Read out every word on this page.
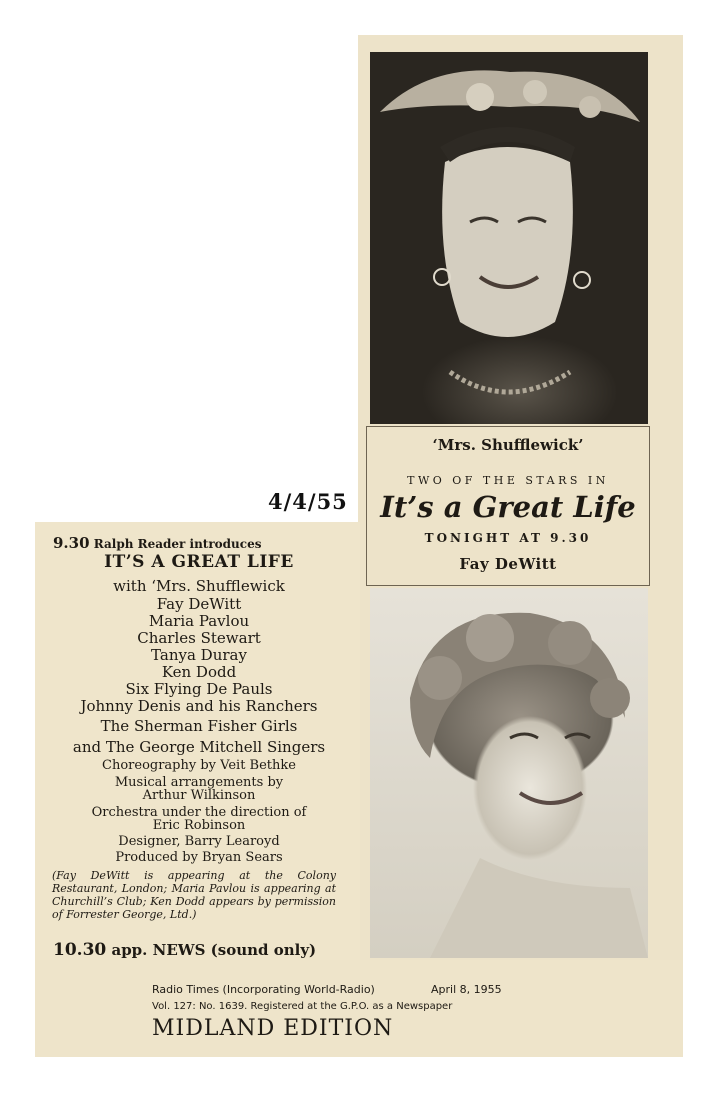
‘Mrs. Shufflewick’
TWO OF THE STARS IN
It’s a Great Life
TONIGHT AT 9.30
Fay DeWitt
4/4/55
9.30 Ralph Reader introduces
IT’S A GREAT LIFE
with ‘Mrs. Shufflewick
Fay DeWitt
Maria Pavlou
Charles Stewart
Tanya Duray
Ken Dodd
Six Flying De Pauls
Johnny Denis and his Ranchers
The Sherman Fisher Girls
and The George Mitchell Singers
Choreography by Veit Bethke
Musical arrangements by
Arthur Wilkinson
Orchestra under the direction of
Eric Robinson
Designer, Barry Learoyd
Produced by Bryan Sears
(Fay DeWitt is appearing at the Colony Restaurant, London; Maria Pavlou is appearing at Churchill’s Club; Ken Dodd appears by permission of Forrester George, Ltd.)
10.30 app. NEWS (sound only)
Radio Times (Incorporating World-Radio)	April 8, 1955
Vol. 127: No. 1639. Registered at the G.P.O. as a Newspaper
MIDLAND EDITION
